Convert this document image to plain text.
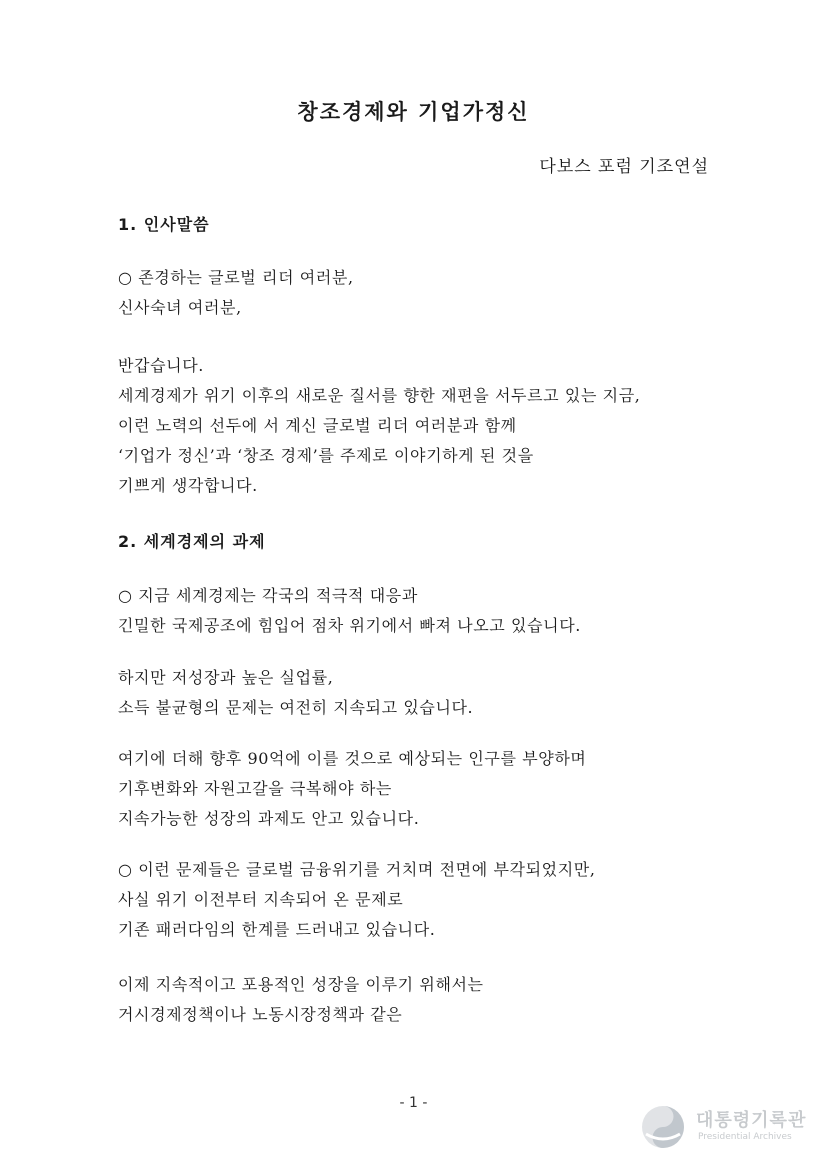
창조경제와 기업가정신

다보스 포럼 기조연설

1. 인사말씀
○ 존경하는 글로벌 리더 여러분,
신사숙녀 여러분,
반갑습니다.
세계경제가 위기 이후의 새로운 질서를 향한 재편을 서두르고 있는 지금,
이런 노력의 선두에 서 계신 글로벌 리더 여러분과 함께
‘기업가 정신’과 ‘창조 경제’를 주제로 이야기하게 된 것을
기쁘게 생각합니다.
2. 세계경제의 과제
○ 지금 세계경제는 각국의 적극적 대응과
긴밀한 국제공조에 힘입어 점차 위기에서 빠져 나오고 있습니다.
하지만 저성장과 높은 실업률,
소득 불균형의 문제는 여전히 지속되고 있습니다.
여기에 더해 향후 90억에 이를 것으로 예상되는 인구를 부양하며
기후변화와 자원고갈을 극복해야 하는
지속가능한 성장의 과제도 안고 있습니다.
○ 이런 문제들은 글로벌 금융위기를 거치며 전면에 부각되었지만,
사실 위기 이전부터 지속되어 온 문제로
기존 패러다임의 한계를 드러내고 있습니다.
이제 지속적이고 포용적인 성장을 이루기 위해서는
거시경제정책이나 노동시장정책과 같은
- 1 -
대통령기록관
Presidential Archives
